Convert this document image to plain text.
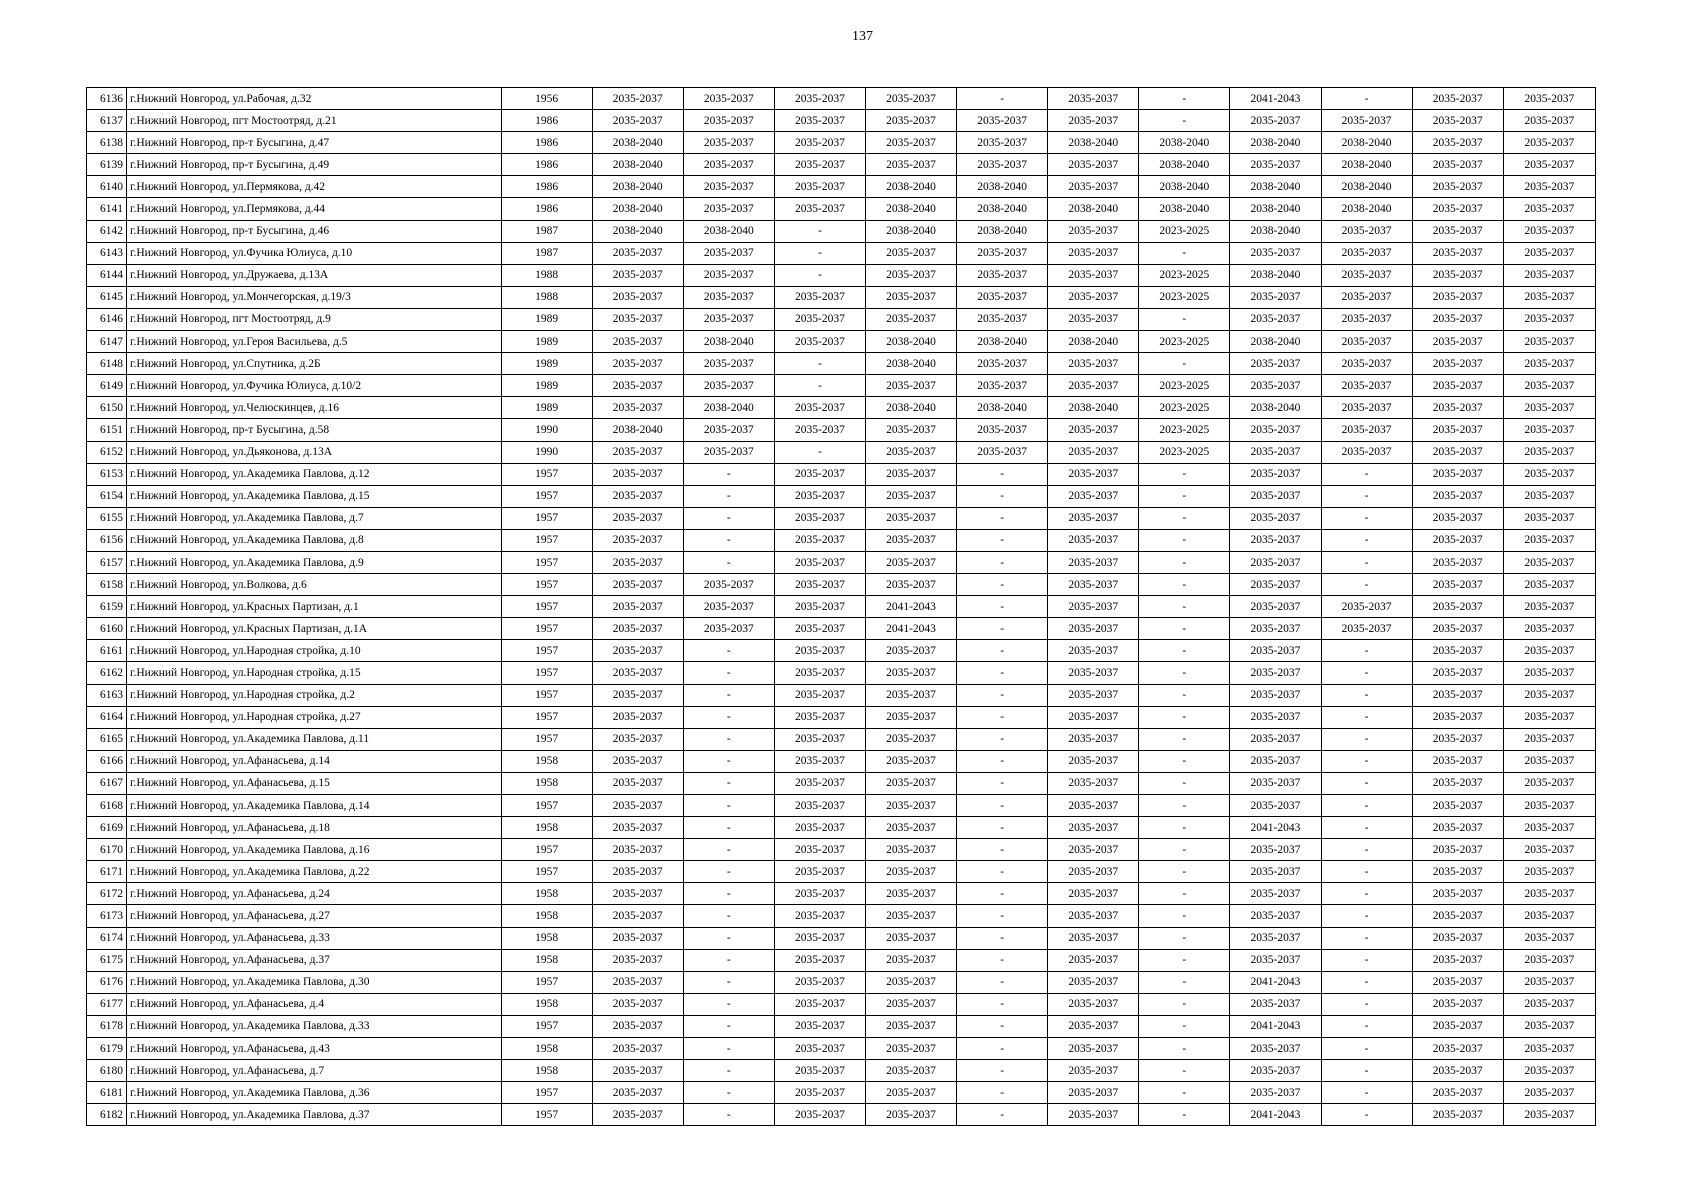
137
6136	г.Нижний Новгород, ул.Рабочая, д.32	1956	2035-2037	2035-2037	2035-2037	2035-2037	-	2035-2037	-	2041-2043	-	2035-2037	2035-2037
6137	г.Нижний Новгород, пгт Мостоотряд, д.21	1986	2035-2037	2035-2037	2035-2037	2035-2037	2035-2037	2035-2037	-	2035-2037	2035-2037	2035-2037	2035-2037
6138	г.Нижний Новгород, пр-т Бусыгина, д.47	1986	2038-2040	2035-2037	2035-2037	2035-2037	2035-2037	2038-2040	2038-2040	2038-2040	2038-2040	2035-2037	2035-2037
6139	г.Нижний Новгород, пр-т Бусыгина, д.49	1986	2038-2040	2035-2037	2035-2037	2035-2037	2035-2037	2035-2037	2038-2040	2035-2037	2038-2040	2035-2037	2035-2037
6140	г.Нижний Новгород, ул.Пермякова, д.42	1986	2038-2040	2035-2037	2035-2037	2038-2040	2038-2040	2035-2037	2038-2040	2038-2040	2038-2040	2035-2037	2035-2037
6141	г.Нижний Новгород, ул.Пермякова, д.44	1986	2038-2040	2035-2037	2035-2037	2038-2040	2038-2040	2038-2040	2038-2040	2038-2040	2038-2040	2035-2037	2035-2037
6142	г.Нижний Новгород, пр-т Бусыгина, д.46	1987	2038-2040	2038-2040	-	2038-2040	2038-2040	2035-2037	2023-2025	2038-2040	2035-2037	2035-2037	2035-2037
6143	г.Нижний Новгород, ул.Фучика Юлиуса, д.10	1987	2035-2037	2035-2037	-	2035-2037	2035-2037	2035-2037	-	2035-2037	2035-2037	2035-2037	2035-2037
6144	г.Нижний Новгород, ул.Дружаева, д.13А	1988	2035-2037	2035-2037	-	2035-2037	2035-2037	2035-2037	2023-2025	2038-2040	2035-2037	2035-2037	2035-2037
6145	г.Нижний Новгород, ул.Мончегорская, д.19/3	1988	2035-2037	2035-2037	2035-2037	2035-2037	2035-2037	2035-2037	2023-2025	2035-2037	2035-2037	2035-2037	2035-2037
6146	г.Нижний Новгород, пгт Мостоотряд, д.9	1989	2035-2037	2035-2037	2035-2037	2035-2037	2035-2037	2035-2037	-	2035-2037	2035-2037	2035-2037	2035-2037
6147	г.Нижний Новгород, ул.Героя Васильева, д.5	1989	2035-2037	2038-2040	2035-2037	2038-2040	2038-2040	2038-2040	2023-2025	2038-2040	2035-2037	2035-2037	2035-2037
6148	г.Нижний Новгород, ул.Спутника, д.2Б	1989	2035-2037	2035-2037	-	2038-2040	2035-2037	2035-2037	-	2035-2037	2035-2037	2035-2037	2035-2037
6149	г.Нижний Новгород, ул.Фучика Юлиуса, д.10/2	1989	2035-2037	2035-2037	-	2035-2037	2035-2037	2035-2037	2023-2025	2035-2037	2035-2037	2035-2037	2035-2037
6150	г.Нижний Новгород, ул.Челюскинцев, д.16	1989	2035-2037	2038-2040	2035-2037	2038-2040	2038-2040	2038-2040	2023-2025	2038-2040	2035-2037	2035-2037	2035-2037
6151	г.Нижний Новгород, пр-т Бусыгина, д.58	1990	2038-2040	2035-2037	2035-2037	2035-2037	2035-2037	2035-2037	2023-2025	2035-2037	2035-2037	2035-2037	2035-2037
6152	г.Нижний Новгород, ул.Дьяконова, д.13А	1990	2035-2037	2035-2037	-	2035-2037	2035-2037	2035-2037	2023-2025	2035-2037	2035-2037	2035-2037	2035-2037
6153	г.Нижний Новгород, ул.Академика Павлова, д.12	1957	2035-2037	-	2035-2037	2035-2037	-	2035-2037	-	2035-2037	-	2035-2037	2035-2037
6154	г.Нижний Новгород, ул.Академика Павлова, д.15	1957	2035-2037	-	2035-2037	2035-2037	-	2035-2037	-	2035-2037	-	2035-2037	2035-2037
6155	г.Нижний Новгород, ул.Академика Павлова, д.7	1957	2035-2037	-	2035-2037	2035-2037	-	2035-2037	-	2035-2037	-	2035-2037	2035-2037
6156	г.Нижний Новгород, ул.Академика Павлова, д.8	1957	2035-2037	-	2035-2037	2035-2037	-	2035-2037	-	2035-2037	-	2035-2037	2035-2037
6157	г.Нижний Новгород, ул.Академика Павлова, д.9	1957	2035-2037	-	2035-2037	2035-2037	-	2035-2037	-	2035-2037	-	2035-2037	2035-2037
6158	г.Нижний Новгород, ул.Волкова, д.6	1957	2035-2037	2035-2037	2035-2037	2035-2037	-	2035-2037	-	2035-2037	-	2035-2037	2035-2037
6159	г.Нижний Новгород, ул.Красных Партизан, д.1	1957	2035-2037	2035-2037	2035-2037	2041-2043	-	2035-2037	-	2035-2037	2035-2037	2035-2037	2035-2037
6160	г.Нижний Новгород, ул.Красных Партизан, д.1А	1957	2035-2037	2035-2037	2035-2037	2041-2043	-	2035-2037	-	2035-2037	2035-2037	2035-2037	2035-2037
6161	г.Нижний Новгород, ул.Народная стройка, д.10	1957	2035-2037	-	2035-2037	2035-2037	-	2035-2037	-	2035-2037	-	2035-2037	2035-2037
6162	г.Нижний Новгород, ул.Народная стройка, д.15	1957	2035-2037	-	2035-2037	2035-2037	-	2035-2037	-	2035-2037	-	2035-2037	2035-2037
6163	г.Нижний Новгород, ул.Народная стройка, д.2	1957	2035-2037	-	2035-2037	2035-2037	-	2035-2037	-	2035-2037	-	2035-2037	2035-2037
6164	г.Нижний Новгород, ул.Народная стройка, д.27	1957	2035-2037	-	2035-2037	2035-2037	-	2035-2037	-	2035-2037	-	2035-2037	2035-2037
6165	г.Нижний Новгород, ул.Академика Павлова, д.11	1957	2035-2037	-	2035-2037	2035-2037	-	2035-2037	-	2035-2037	-	2035-2037	2035-2037
6166	г.Нижний Новгород, ул.Афанасьева, д.14	1958	2035-2037	-	2035-2037	2035-2037	-	2035-2037	-	2035-2037	-	2035-2037	2035-2037
6167	г.Нижний Новгород, ул.Афанасьева, д.15	1958	2035-2037	-	2035-2037	2035-2037	-	2035-2037	-	2035-2037	-	2035-2037	2035-2037
6168	г.Нижний Новгород, ул.Академика Павлова, д.14	1957	2035-2037	-	2035-2037	2035-2037	-	2035-2037	-	2035-2037	-	2035-2037	2035-2037
6169	г.Нижний Новгород, ул.Афанасьева, д.18	1958	2035-2037	-	2035-2037	2035-2037	-	2035-2037	-	2041-2043	-	2035-2037	2035-2037
6170	г.Нижний Новгород, ул.Академика Павлова, д.16	1957	2035-2037	-	2035-2037	2035-2037	-	2035-2037	-	2035-2037	-	2035-2037	2035-2037
6171	г.Нижний Новгород, ул.Академика Павлова, д.22	1957	2035-2037	-	2035-2037	2035-2037	-	2035-2037	-	2035-2037	-	2035-2037	2035-2037
6172	г.Нижний Новгород, ул.Афанасьева, д.24	1958	2035-2037	-	2035-2037	2035-2037	-	2035-2037	-	2035-2037	-	2035-2037	2035-2037
6173	г.Нижний Новгород, ул.Афанасьева, д.27	1958	2035-2037	-	2035-2037	2035-2037	-	2035-2037	-	2035-2037	-	2035-2037	2035-2037
6174	г.Нижний Новгород, ул.Афанасьева, д.33	1958	2035-2037	-	2035-2037	2035-2037	-	2035-2037	-	2035-2037	-	2035-2037	2035-2037
6175	г.Нижний Новгород, ул.Афанасьева, д.37	1958	2035-2037	-	2035-2037	2035-2037	-	2035-2037	-	2035-2037	-	2035-2037	2035-2037
6176	г.Нижний Новгород, ул.Академика Павлова, д.30	1957	2035-2037	-	2035-2037	2035-2037	-	2035-2037	-	2041-2043	-	2035-2037	2035-2037
6177	г.Нижний Новгород, ул.Афанасьева, д.4	1958	2035-2037	-	2035-2037	2035-2037	-	2035-2037	-	2035-2037	-	2035-2037	2035-2037
6178	г.Нижний Новгород, ул.Академика Павлова, д.33	1957	2035-2037	-	2035-2037	2035-2037	-	2035-2037	-	2041-2043	-	2035-2037	2035-2037
6179	г.Нижний Новгород, ул.Афанасьева, д.43	1958	2035-2037	-	2035-2037	2035-2037	-	2035-2037	-	2035-2037	-	2035-2037	2035-2037
6180	г.Нижний Новгород, ул.Афанасьева, д.7	1958	2035-2037	-	2035-2037	2035-2037	-	2035-2037	-	2035-2037	-	2035-2037	2035-2037
6181	г.Нижний Новгород, ул.Академика Павлова, д.36	1957	2035-2037	-	2035-2037	2035-2037	-	2035-2037	-	2035-2037	-	2035-2037	2035-2037
6182	г.Нижний Новгород, ул.Академика Павлова, д.37	1957	2035-2037	-	2035-2037	2035-2037	-	2035-2037	-	2041-2043	-	2035-2037	2035-2037
